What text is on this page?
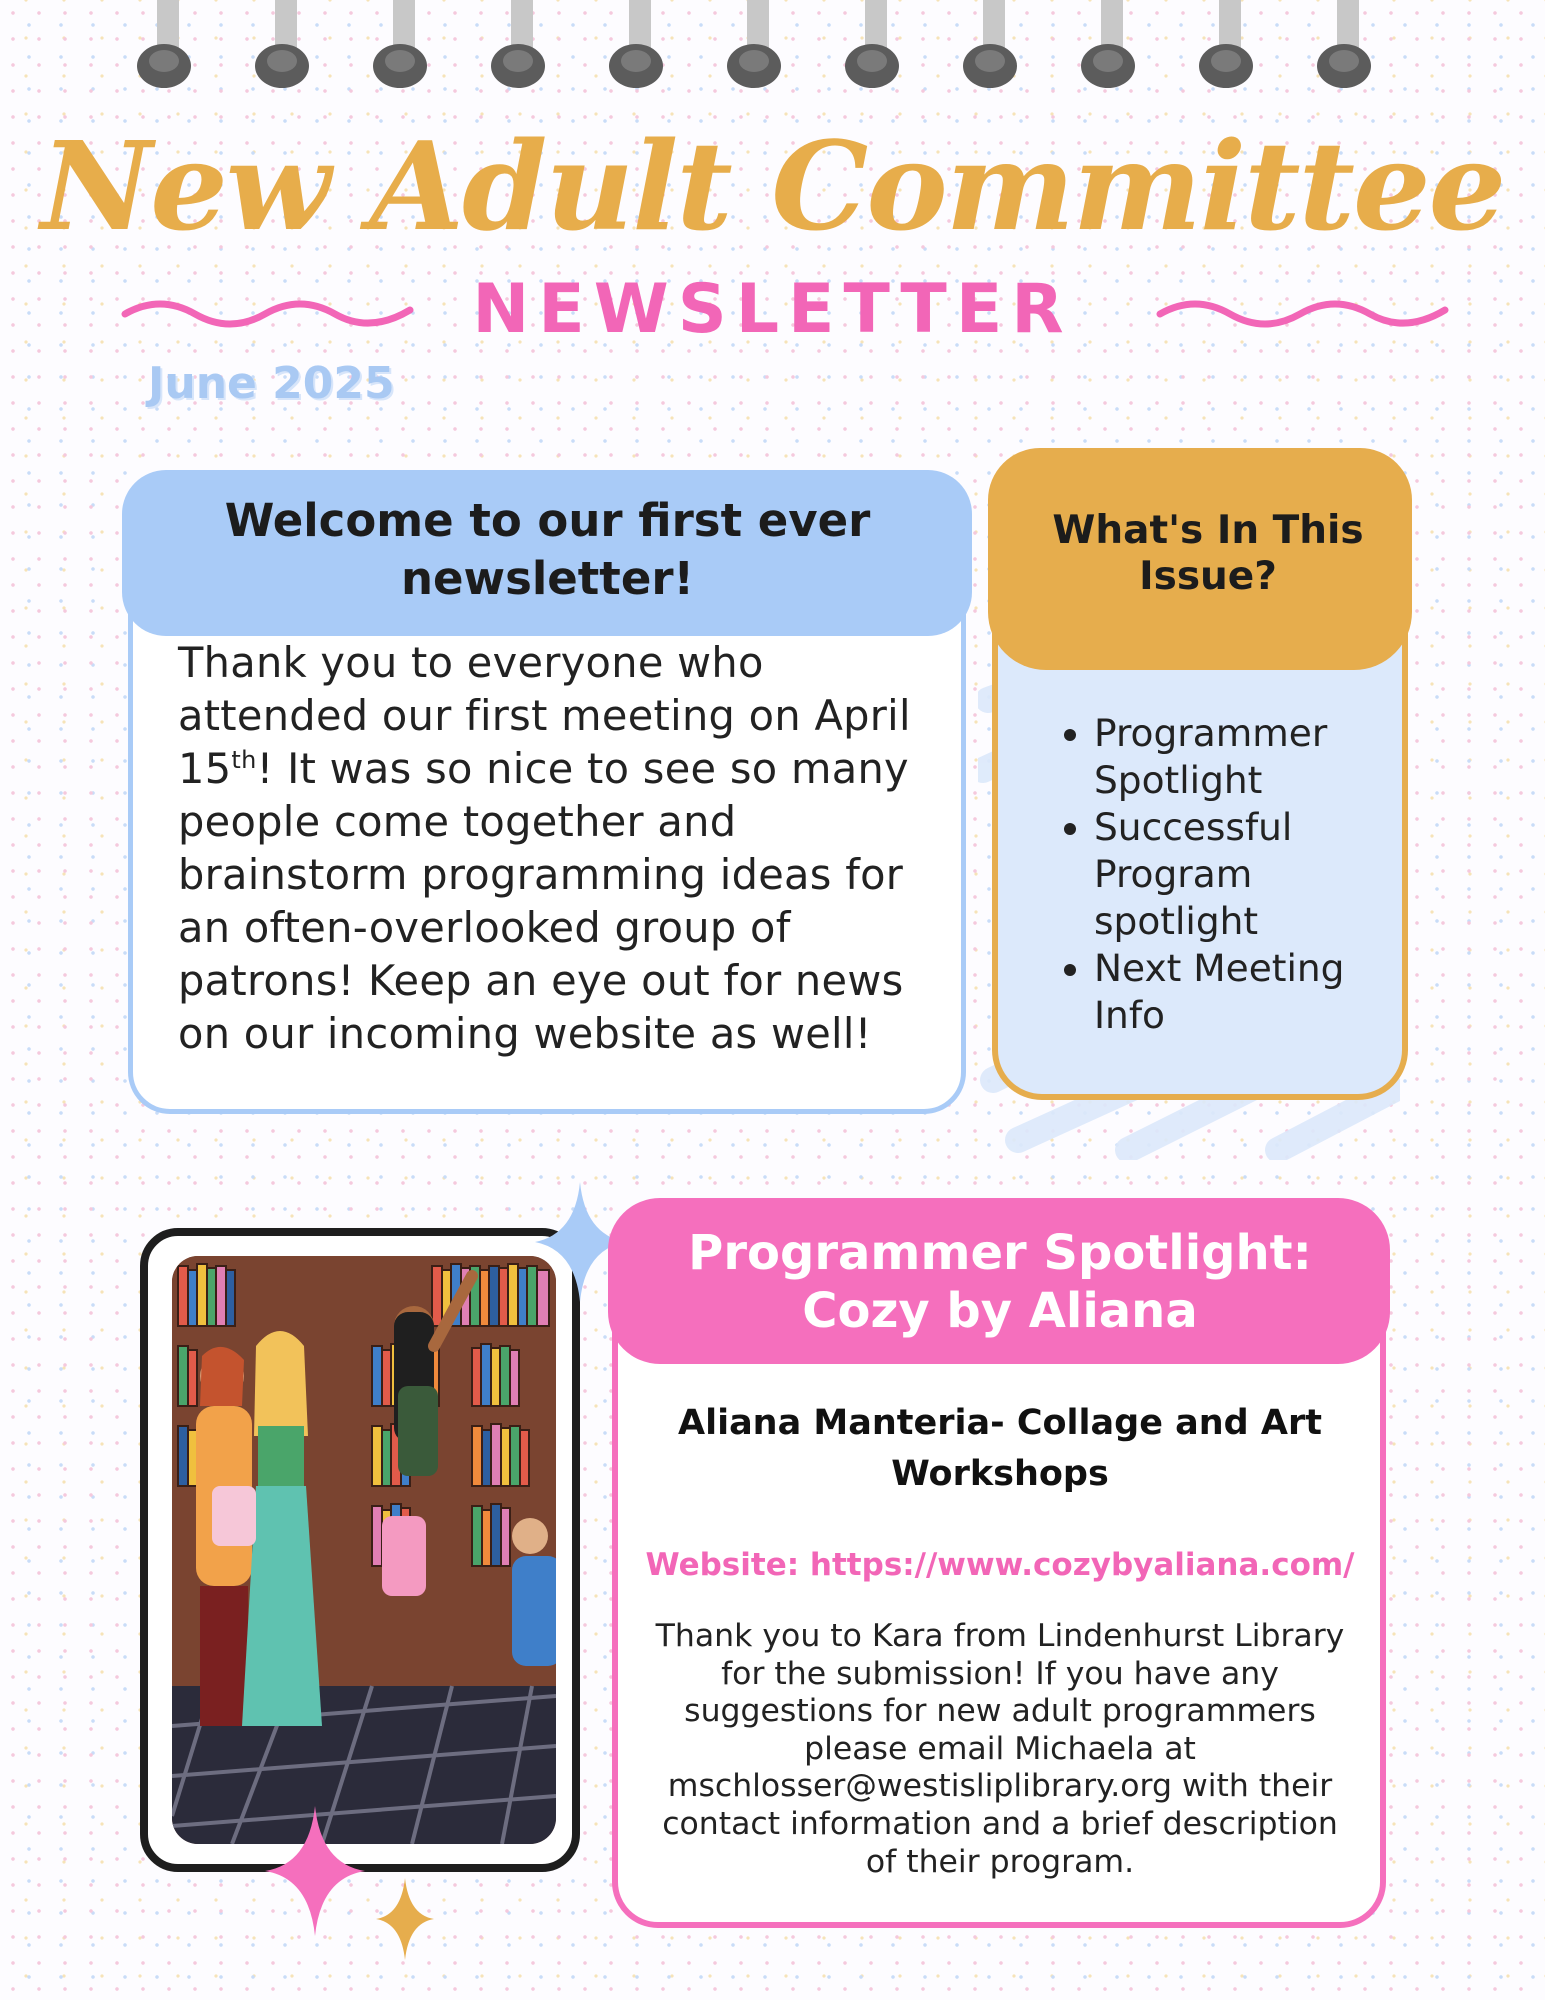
New Adult Committee
NEWSLETTER
June 2025
Welcome to our first ever newsletter!
Thank you to everyone who attended our first meeting on April 15th! It was so nice to see so many people come together and brainstorm programming ideas for an often-overlooked group of patrons! Keep an eye out for news on our incoming website as well!
What's In This Issue?
• Programmer Spotlight
• Successful Program spotlight
• Next Meeting Info
Programmer Spotlight: Cozy by Aliana
Aliana Manteria- Collage and Art Workshops
Website: https://www.cozybyaliana.com/
Thank you to Kara from Lindenhurst Library for the submission! If you have any suggestions for new adult programmers please email Michaela at mschlosser@westisliplibrary.org with their contact information and a brief description of their program.
